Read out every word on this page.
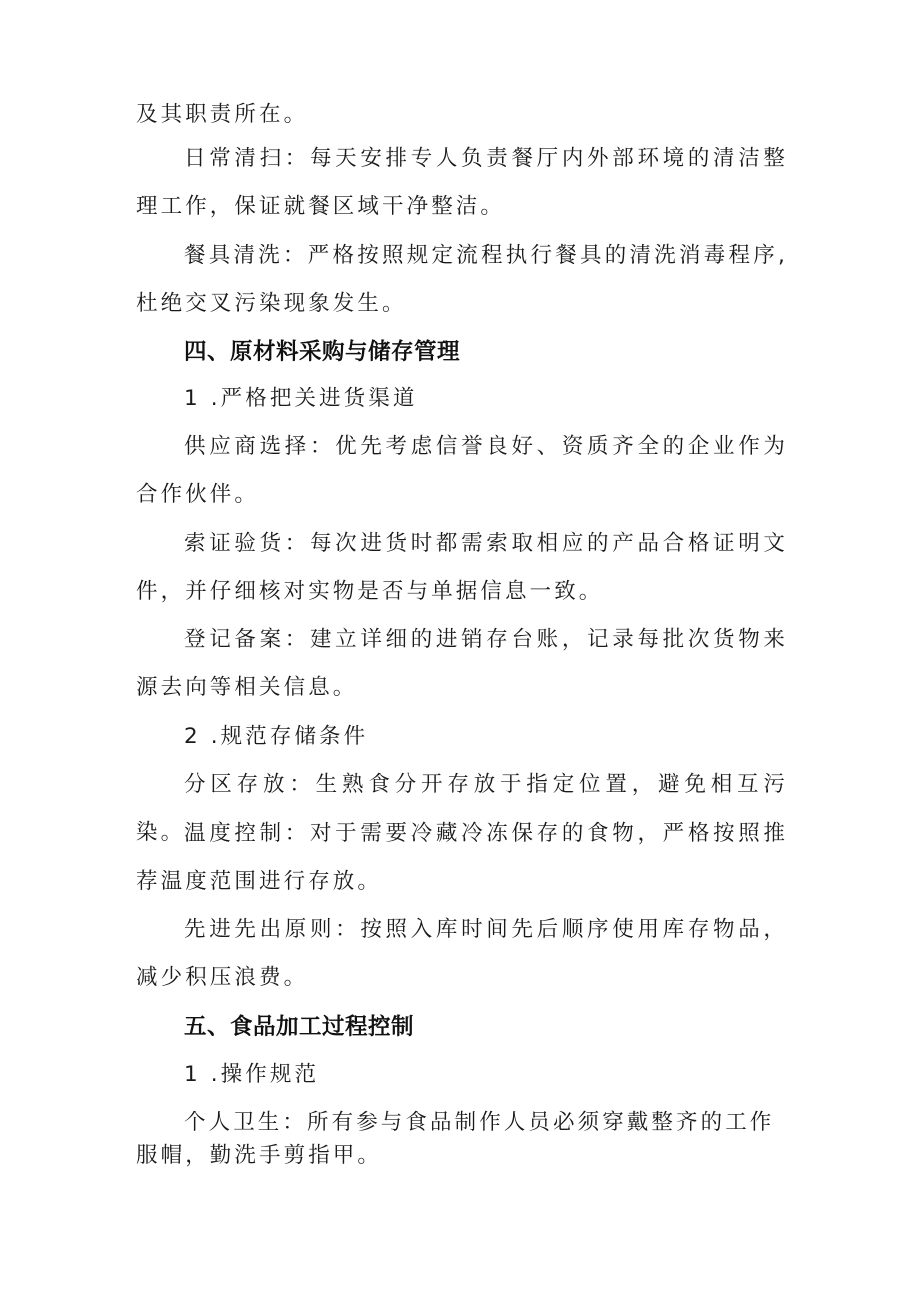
及其职责所在。

日常清扫：每天安排专人负责餐厅内外部环境的清洁整理工作，保证就餐区域干净整洁。

餐具清洗：严格按照规定流程执行餐具的清洗消毒程序,杜绝交叉污染现象发生。

四、原材料采购与储存管理

1 .严格把关进货渠道

供应商选择：优先考虑信誉良好、资质齐全的企业作为合作伙伴。

索证验货：每次进货时都需索取相应的产品合格证明文件，并仔细核对实物是否与单据信息一致。

登记备案：建立详细的进销存台账，记录每批次货物来源去向等相关信息。

2 .规范存储条件

分区存放：生熟食分开存放于指定位置，避免相互污染。

温度控制：对于需要冷藏冷冻保存的食物，严格按照推荐温度范围进行存放。

先进先出原则：按照入库时间先后顺序使用库存物品，减少积压浪费。

五、食品加工过程控制

1 .操作规范

个人卫生：所有参与食品制作人员必须穿戴整齐的工作

服帽，勤洗手剪指甲。
